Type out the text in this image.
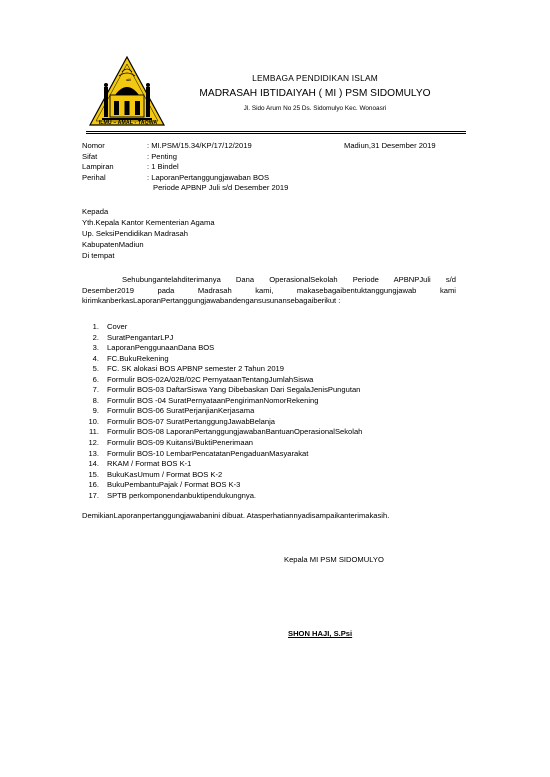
ﷲ
ILMU – AMAL - TAQWA
LEMBAGA PENDIDIKAN ISLAM
MADRASAH IBTIDAIYAH ( MI ) PSM SIDOMULYO
Jl. Sido Arum No 25 Ds. Sidomulyo Kec. Wonoasri
Nomor	: MI.PSM/15.34/KP/17/12/2019	Madiun,31 Desember 2019
Sifat	: Penting
Lampiran	: 1 Bindel
Perihal	: LaporanPertanggungjawaban BOS
Periode APBNP Juli s/d Desember 2019
Kepada
Yth.Kepala Kantor Kementerian Agama
Up. SeksiPendidikan Madrasah
KabupatenMadiun
Di tempat
Sehubungantelahditerimanya Dana OperasionalSekolah Periode APBNPJuli s/d
Desember2019 pada Madrasah kami, makasebagaibentuktanggungjawab kami
kirimkanberkasLaporanPertanggungjawabandengansusunansebagaiberikut :
1. Cover
2. SuratPengantarLPJ
3. LaporanPenggunaanDana BOS
4. FC.BukuRekening
5. FC. SK alokasi BOS APBNP semester 2 Tahun 2019
6. Formulir BOS-02A/02B/02C PernyataanTentangJumlahSiswa
7. Formulir BOS-03 DaftarSiswa Yang Dibebaskan Dari SegalaJenisPungutan
8. Formulir BOS -04 SuratPernyataanPengirimanNomorRekening
9. Formulir BOS-06 SuratPerjanjianKerjasama
10. Formulir BOS-07 SuratPertanggungJawabBelanja
11. Formulir BOS-08 LaporanPertanggungjawabanBantuanOperasionalSekolah
12. Formulir BOS-09 Kuitansi/BuktiPenerimaan
13. Formulir BOS-10 LembarPencatatanPengaduanMasyarakat
14. RKAM / Format BOS K-1
15. BukuKasUmum / Format BOS K-2
16. BukuPembantuPajak / Format BOS K-3
17. SPTB perkomponendanbuktipendukungnya.
DemikianLaporanpertanggungjawabanini dibuat. Atasperhatiannyadisampaikanterimakasih.
Kepala MI PSM SIDOMULYO
SHON HAJI, S.Psi
